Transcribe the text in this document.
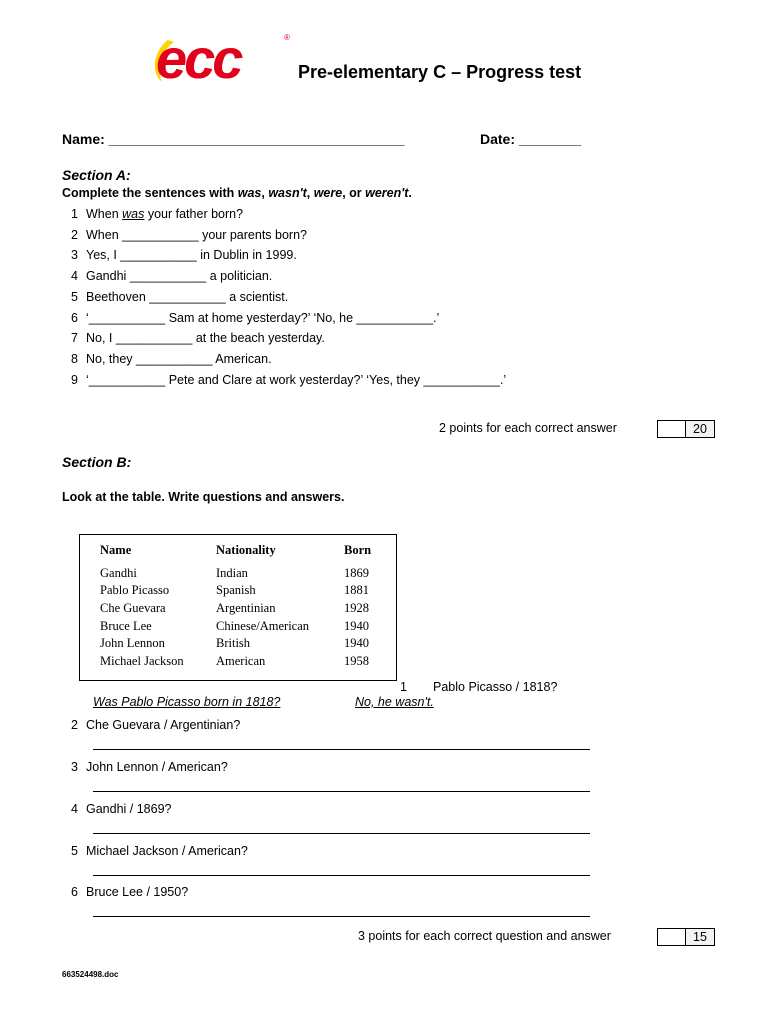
ecc	®
Pre-elementary C – Progress test
Name: ______________________________________	Date: ________
Section A:
Complete the sentences with was, wasn't, were, or weren't.
1 When was your father born?
2 When ___________ your parents born?
3 Yes, I ___________ in Dublin in 1999.
4 Gandhi ___________ a politician.
5 Beethoven ___________ a scientist.
6 ‘___________ Sam at home yesterday?’ ‘No, he ___________.’
7 No, I ___________ at the beach yesterday.
8 No, they ___________ American.
9 ‘___________ Pete and Clare at work yesterday?’ ‘Yes, they ___________.’
2 points for each correct answer	20
Section B:
Look at the table. Write questions and answers.
Name	Nationality	Born
Gandhi	Indian	1869
Pablo Picasso	Spanish	1881
Che Guevara	Argentinian	1928
Bruce Lee	Chinese/American	1940
John Lennon	British	1940
Michael Jackson	American	1958
1 Pablo Picasso / 1818?
Was Pablo Picasso born in 1818?	No, he wasn't.
2 Che Guevara / Argentinian?
3 John Lennon / American?
4 Gandhi / 1869?
5 Michael Jackson / American?
6 Bruce Lee / 1950?
3 points for each correct question and answer	15
663524498.doc
